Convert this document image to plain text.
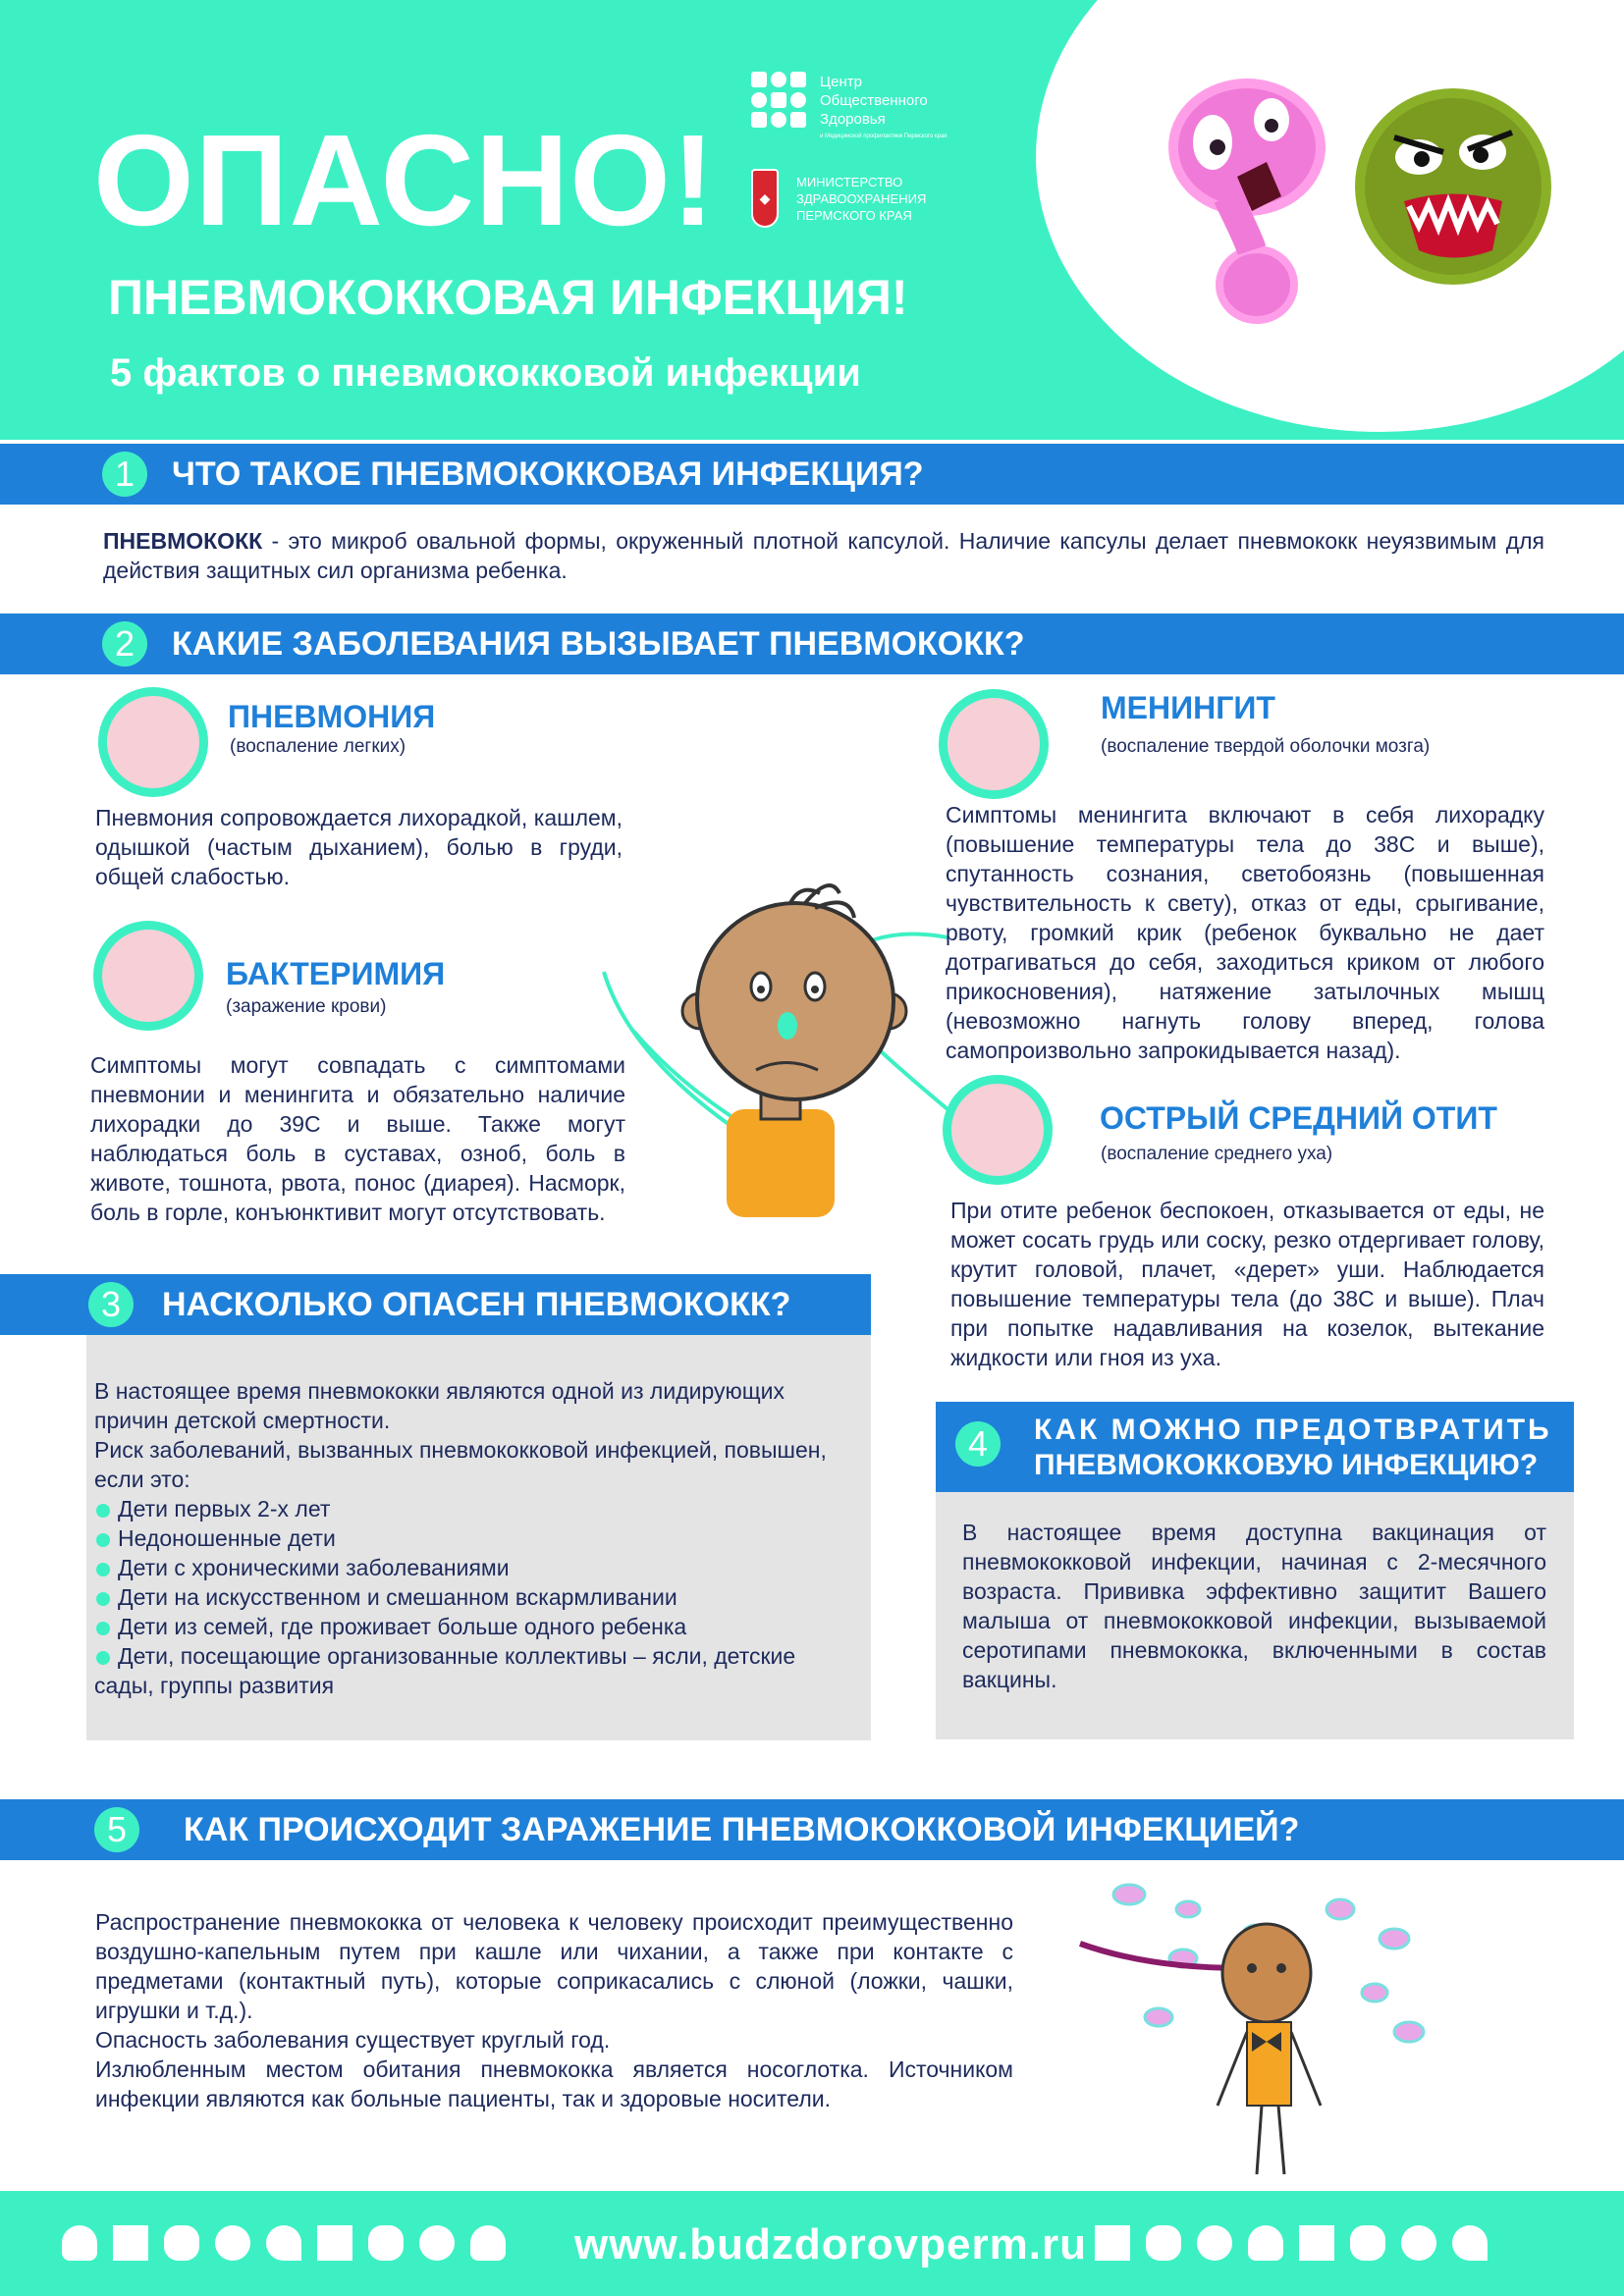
ОПАСНО!
ПНЕВМОКОККОВАЯ ИНФЕКЦИЯ!
5 фактов о пневмококковой инфекции
Центр Общественного Здоровья
и Медицинской профилактики Пермского края
◆
МИНИСТЕРСТВО ЗДРАВООХРАНЕНИЯ ПЕРМСКОГО КРАЯ
1	ЧТО ТАКОЕ ПНЕВМОКОККОВАЯ ИНФЕКЦИЯ?
ПНЕВМОКОКК - это микроб овальной формы, окруженный плотной капсулой. Наличие капсулы делает пневмококк неуязвимым для действия защитных сил организма ребенка.
2	КАКИЕ ЗАБОЛЕВАНИЯ ВЫЗЫВАЕТ ПНЕВМОКОКК?
ПНЕВМОНИЯ
(воспаление легких)
Пневмония сопровождается лихорадкой, кашлем, одышкой (частым дыханием), болью в груди, общей слабостью.
БАКТЕРИМИЯ
(заражение крови)
Симптомы могут совпадать с симптомами пневмонии и менингита и обязательно наличие лихорадки до 39С и выше. Также могут наблюдаться боль в суставах, озноб, боль в животе, тошнота, рвота, понос (диарея). Насморк, боль в горле, конъюнктивит могут отсутствовать.
МЕНИНГИТ
(воспаление твердой оболочки мозга)
Симптомы менингита включают в себя лихорадку (повышение температуры тела до 38С и выше), спутанность сознания, светобоязнь (повышенная чувствительность к свету), отказ от еды, срыгивание, рвоту, громкий крик (ребенок буквально не дает дотрагиваться до себя, заходиться криком от любого прикосновения), натяжение затылочных мышц (невозможно нагнуть голову вперед, голова самопроизвольно запрокидывается назад).
ОСТРЫЙ СРЕДНИЙ ОТИТ
(воспаление среднего уха)
При отите ребенок беспокоен, отказывается от еды, не может сосать грудь или соску, резко отдергивает голову, крутит головой, плачет, «дерет» уши. Наблюдается повышение температуры тела (до 38С и выше). Плач при попытке надавливания на козелок, вытекание жидкости или гноя из уха.
3	НАСКОЛЬКО ОПАСЕН ПНЕВМОКОКК?
В настоящее время пневмококки являются одной из лидирующих причин детской смертности.
Риск заболеваний, вызванных пневмококковой инфекцией, повышен, если это:
Дети первых 2-х лет
Недоношенные дети
Дети с хроническими заболеваниями
Дети на искусственном и смешанном вскармливании
Дети из семей, где проживает больше одного ребенка
Дети, посещающие организованные коллективы – ясли, детские сады, группы развития
4	КАК МОЖНО ПРЕДОТВРАТИТЬ
ПНЕВМОКОККОВУЮ ИНФЕКЦИЮ?
В настоящее время доступна вакцинация от пневмококковой инфекции, начиная с 2-месячного возраста. Прививка эффективно защитит Вашего малыша от пневмококковой инфекции, вызываемой серотипами пневмококка, включенными в состав вакцины.
5	КАК ПРОИСХОДИТ ЗАРАЖЕНИЕ ПНЕВМОКОККОВОЙ ИНФЕКЦИЕЙ?
Распространение пневмококка от человека к человеку происходит преимущественно воздушно-капельным путем при кашле или чихании, а также при контакте с предметами (контактный путь), которые соприкасались с слюной (ложки, чашки, игрушки и т.д.).
Опасность заболевания существует круглый год.
Излюбленным местом обитания пневмококка является носоглотка. Источником инфекции являются как больные пациенты, так и здоровые носители.
www.budzdorovperm.ru
